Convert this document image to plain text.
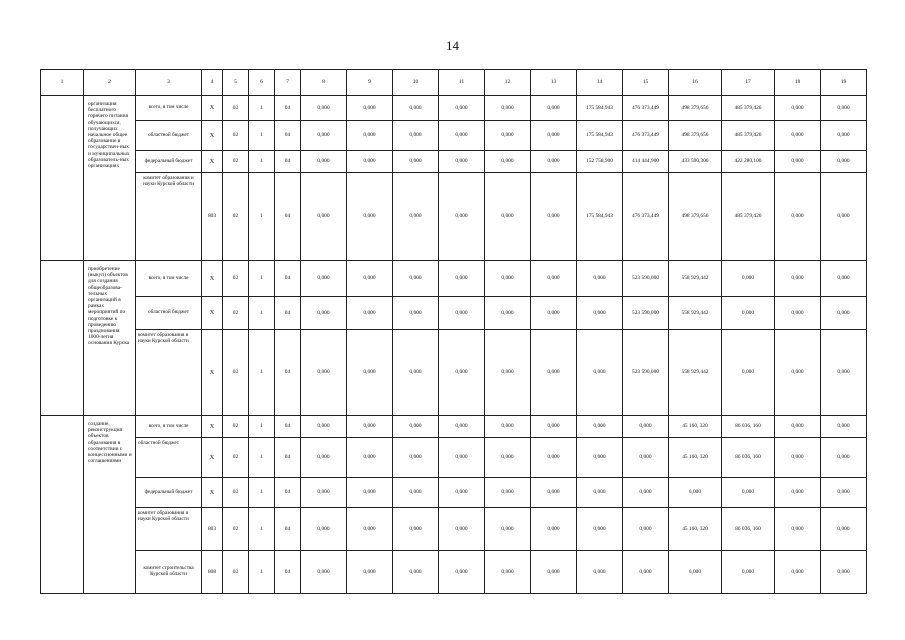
14
1	2	3	4	5	6	7	8	9	10	11	12	13	14	15	16	17	18	19
	организация бесплатного горячего питания обучающихся, получающих начальное общее образование в государствен-ных и муниципальных образователь-ных организациях	всего, в том числе	X	02	1	04	0,000	0,000	0,000	0,000	0,000	0,000	175 584,943	476 373,449	498 379,656	485 379,426	0,000	0,000
		областной бюджет	X	02	1	04	0,000	0,000	0,000	0,000	0,000	0,000	175 584,943	476 373,449	498 379,656	485 379,426	0,000	0,000
		федеральный бюджет	X	02	1	04	0,000	0,000	0,000	0,000	0,000	0,000	152 758,900	414 444,900	433 590,300	422 280,100	0,000	0,000
		комитет образования и науки Курской области	803	02	1	04	0,000	0,000	0,000	0,000	0,000	0,000	175 584,943	476 373,449	498 379,656	485 379,426	0,000	0,000
	приобретение (выкуп) объектов для создания общеобразова-тельных организаций в рамках мероприятий по подготовке к проведению празднования 1000-летия основания Курска	всего, в том числе	X	02	1	04	0,000	0,000	0,000	0,000	0,000	0,000	0,000	523 590,000	558 929,442	0,000	0,000	0,000
		областной бюджет	X	02	1	04	0,000	0,000	0,000	0,000	0,000	0,000	0,000	523 590,000	558 929,442	0,000	0,000	0,000
		комитет образования и науки Курской области	X	02	1	04	0,000	0,000	0,000	0,000	0,000	0,000	0,000	523 590,000	558 929,442	0,000	0,000	0,000
	создание, реконструкция объектов образования в соответствии с концессионными и соглашениями	всего, в том числе	X	02	1	04	0,000	0,000	0,000	0,000	0,000	0,000	0,000	0,000	45 160, 320	86 036, 160	0,000	0,000
		областной бюджет	X	02	1	04	0,000	0,000	0,000	0,000	0,000	0,000	0,000	0,000	45 160, 320	86 036, 160	0,000	0,000
		федеральный бюджет	X	02	1	04	0,000	0,000	0,000	0,000	0,000	0,000	0,000	0,000	0,000	0,000	0,000	0,000
		комитет образования и науки Курской области	803	02	1	04	0,000	0,000	0,000	0,000	0,000	0,000	0,000	0,000	45 160, 320	86 036, 160	0,000	0,000
		комитет строительства Курской области	808	02	1	04	0,000	0,000	0,000	0,000	0,000	0,000	0,000	0,000	0,000	0,000	0,000	0,000
